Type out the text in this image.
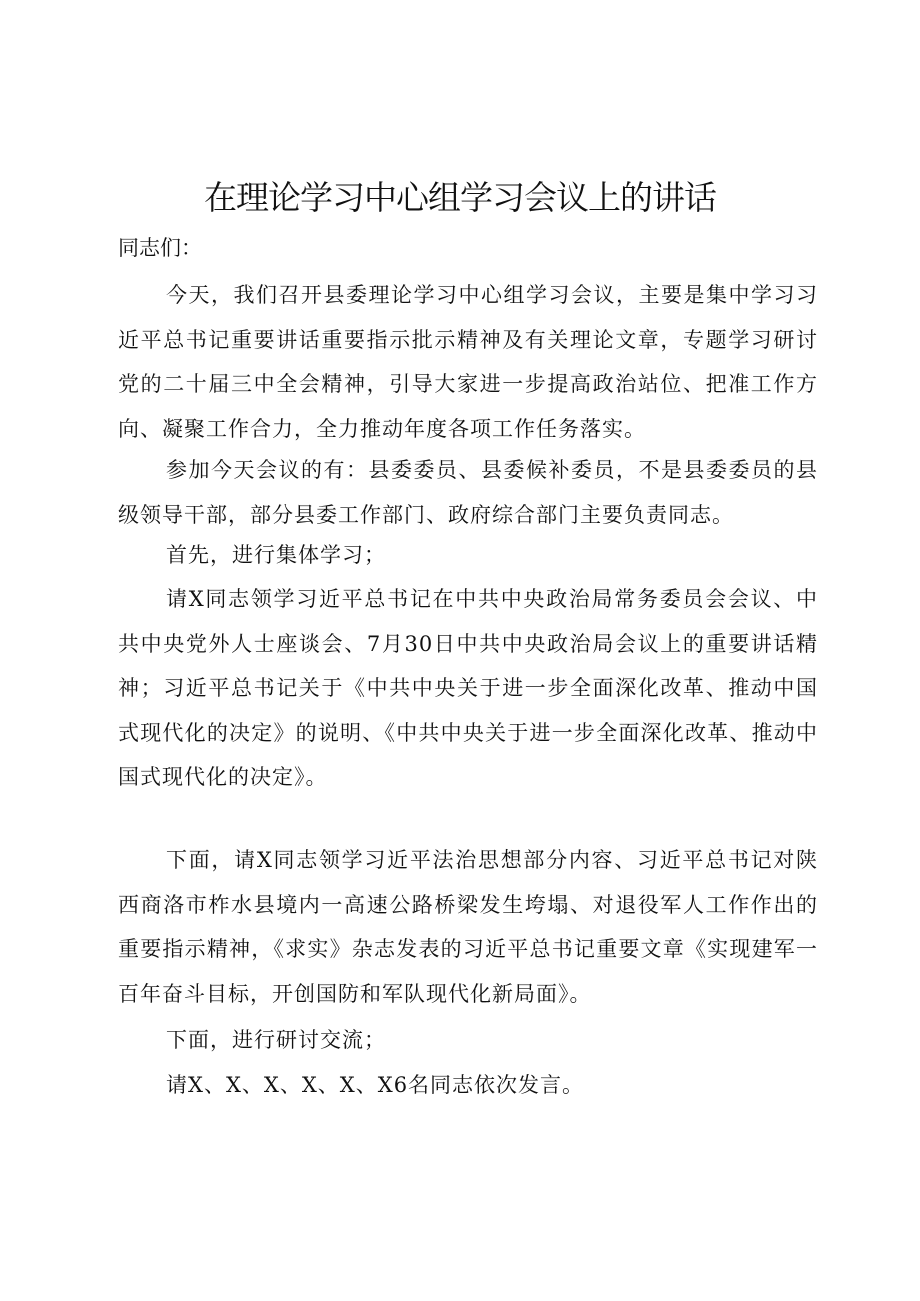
在理论学习中心组学习会议上的讲话

同志们：

今天，我们召开县委理论学习中心组学习会议，主要是集中学习习近平总书记重要讲话重要指示批示精神及有关理论文章，专题学习研讨党的二十届三中全会精神，引导大家进一步提高政治站位、把准工作方向、凝聚工作合力，全力推动年度各项工作任务落实。

参加今天会议的有：县委委员、县委候补委员，不是县委委员的县级领导干部，部分县委工作部门、政府综合部门主要负责同志。

首先，进行集体学习；

请X同志领学习近平总书记在中共中央政治局常务委员会会议、中共中央党外人士座谈会、7月30日中共中央政治局会议上的重要讲话精神；习近平总书记关于《中共中央关于进一步全面深化改革、推动中国式现代化的决定》的说明、《中共中央关于进一步全面深化改革、推动中国式现代化的决定》。

下面，请X同志领学习近平法治思想部分内容、习近平总书记对陕西商洛市柞水县境内一高速公路桥梁发生垮塌、对退役军人工作作出的重要指示精神，《求实》杂志发表的习近平总书记重要文章《实现建军一百年奋斗目标，开创国防和军队现代化新局面》。

下面，进行研讨交流；

请X、X、X、X、X、X6名同志依次发言。
